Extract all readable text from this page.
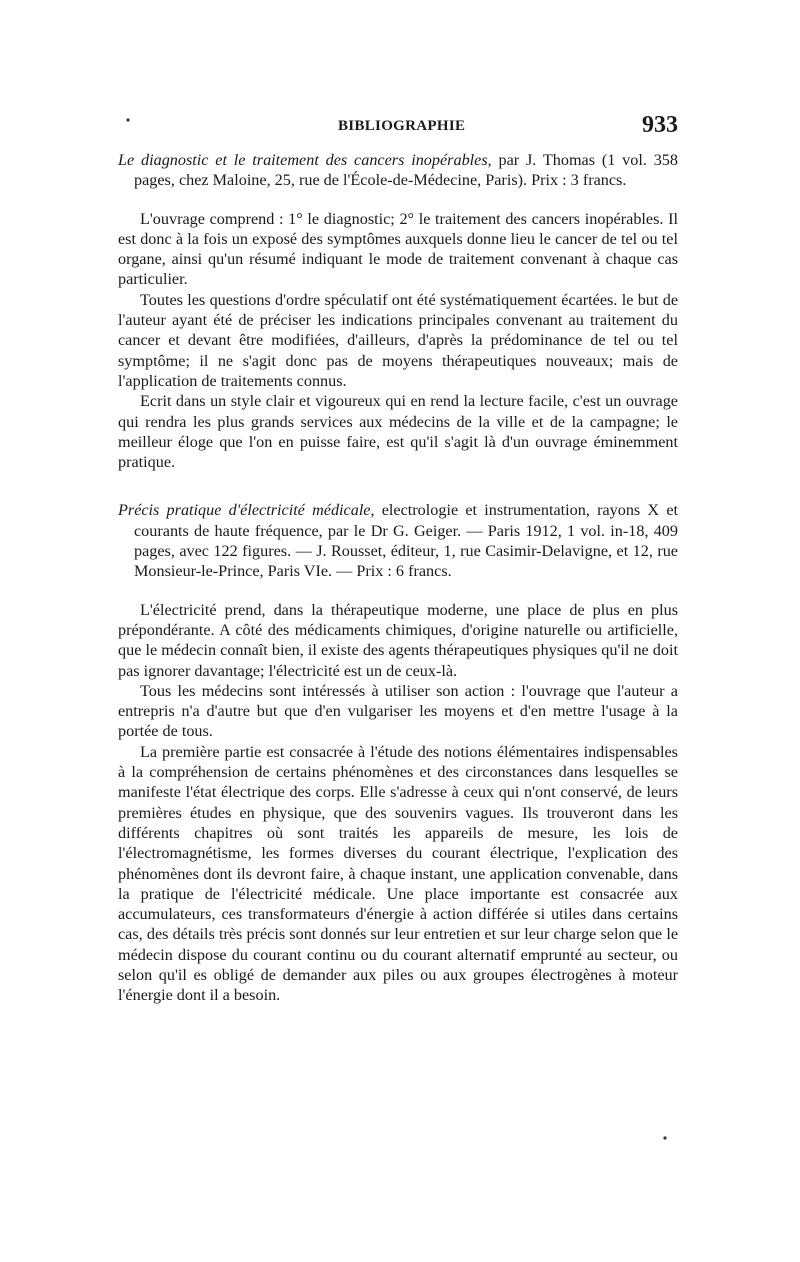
BIBLIOGRAPHIE	933

Le diagnostic et le traitement des cancers inopérables, par J. Thomas (1 vol. 358 pages, chez Maloine, 25, rue de l'École-de-Médecine, Paris). Prix : 3 francs.

L'ouvrage comprend : 1° le diagnostic; 2° le traitement des cancers inopérables. Il est donc à la fois un exposé des symptômes auxquels donne lieu le cancer de tel ou tel organe, ainsi qu'un résumé indiquant le mode de traitement convenant à chaque cas particulier.

Toutes les questions d'ordre spéculatif ont été systématiquement écartées. le but de l'auteur ayant été de préciser les indications principales convenant au traitement du cancer et devant être modifiées, d'ailleurs, d'après la prédominance de tel ou tel symptôme; il ne s'agit donc pas de moyens thérapeutiques nouveaux; mais de l'application de traitements connus.

Ecrit dans un style clair et vigoureux qui en rend la lecture facile, c'est un ouvrage qui rendra les plus grands services aux médecins de la ville et de la campagne; le meilleur éloge que l'on en puisse faire, est qu'il s'agit là d'un ouvrage éminemment pratique.

Précis pratique d'électricité médicale, electrologie et instrumentation, rayons X et courants de haute fréquence, par le Dr G. Geiger. — Paris 1912, 1 vol. in-18, 409 pages, avec 122 figures. — J. Rousset, éditeur, 1, rue Casimir-Delavigne, et 12, rue Monsieur-le-Prince, Paris VIe. — Prix : 6 francs.

L'électricité prend, dans la thérapeutique moderne, une place de plus en plus prépondérante. A côté des médicaments chimiques, d'origine naturelle ou artificielle, que le médecin connaît bien, il existe des agents thérapeutiques physiques qu'il ne doit pas ignorer davantage; l'électricité est un de ceux-là.

Tous les médecins sont intéressés à utiliser son action : l'ouvrage que l'auteur a entrepris n'a d'autre but que d'en vulgariser les moyens et d'en mettre l'usage à la portée de tous.

La première partie est consacrée à l'étude des notions élémentaires indispensables à la compréhension de certains phénomènes et des circonstances dans lesquelles se manifeste l'état électrique des corps. Elle s'adresse à ceux qui n'ont conservé, de leurs premières études en physique, que des souvenirs vagues. Ils trouveront dans les différents chapitres où sont traités les appareils de mesure, les lois de l'électromagnétisme, les formes diverses du courant électrique, l'explication des phénomènes dont ils devront faire, à chaque instant, une application convenable, dans la pratique de l'électricité médicale. Une place importante est consacrée aux accumulateurs, ces transformateurs d'énergie à action différée si utiles dans certains cas, des détails très précis sont donnés sur leur entretien et sur leur charge selon que le médecin dispose du courant continu ou du courant alternatif emprunté au secteur, ou selon qu'il es obligé de demander aux piles ou aux groupes électrogènes à moteur l'énergie dont il a besoin.
